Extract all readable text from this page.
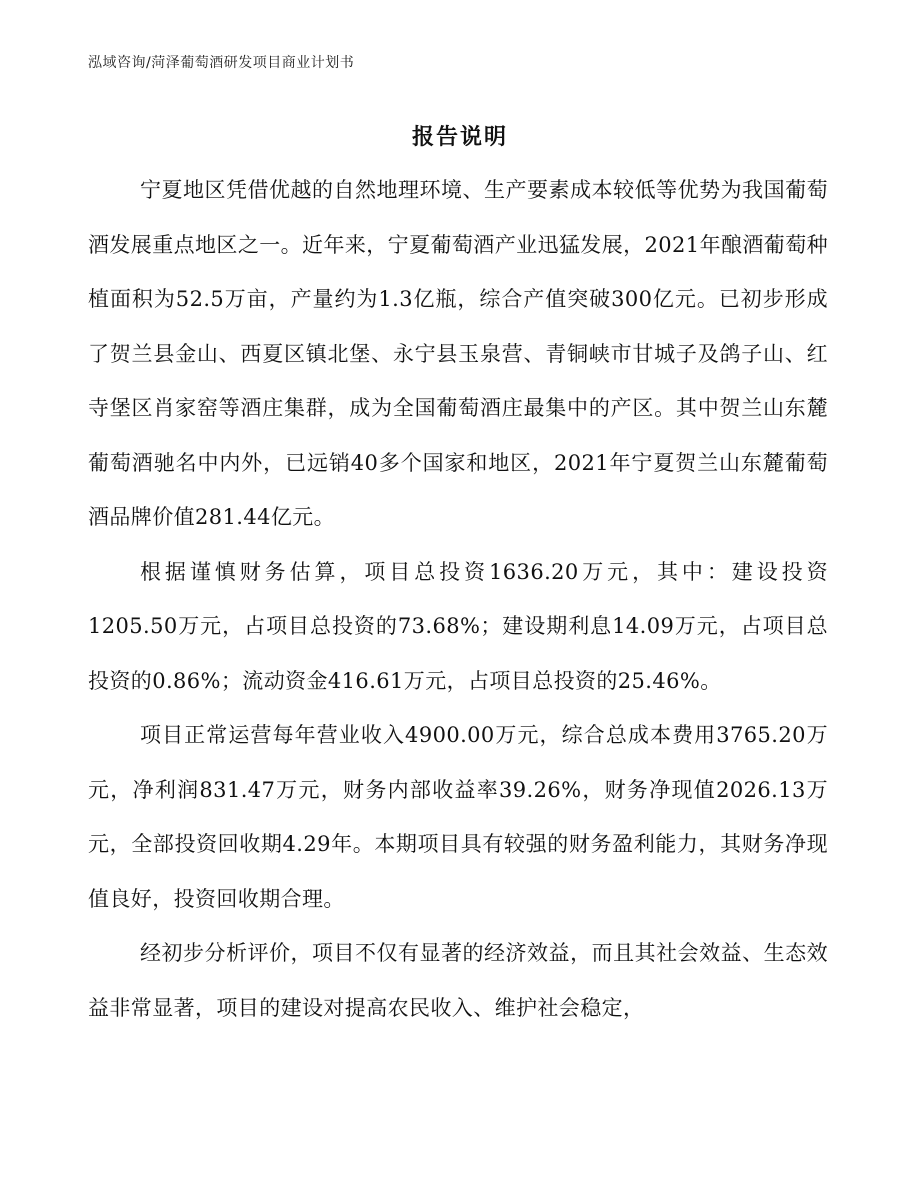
泓域咨询/菏泽葡萄酒研发项目商业计划书
报告说明

宁夏地区凭借优越的自然地理环境、生产要素成本较低等优势为我国葡萄酒发展重点地区之一。近年来，宁夏葡萄酒产业迅猛发展，2021年酿酒葡萄种植面积为52.5万亩，产量约为1.3亿瓶，综合产值突破300亿元。已初步形成了贺兰县金山、西夏区镇北堡、永宁县玉泉营、青铜峡市甘城子及鸽子山、红寺堡区肖家窑等酒庄集群，成为全国葡萄酒庄最集中的产区。其中贺兰山东麓葡萄酒驰名中内外，已远销40多个国家和地区，2021年宁夏贺兰山东麓葡萄酒品牌价值281.44亿元。

根据谨慎财务估算，项目总投资1636.20万元，其中：建设投资1205.50万元，占项目总投资的73.68%；建设期利息14.09万元，占项目总投资的0.86%；流动资金416.61万元，占项目总投资的25.46%。

项目正常运营每年营业收入4900.00万元，综合总成本费用3765.20万元，净利润831.47万元，财务内部收益率39.26%，财务净现值2026.13万元，全部投资回收期4.29年。本期项目具有较强的财务盈利能力，其财务净现值良好，投资回收期合理。

经初步分析评价，项目不仅有显著的经济效益，而且其社会效益、生态效益非常显著，项目的建设对提高农民收入、维护社会稳定，
